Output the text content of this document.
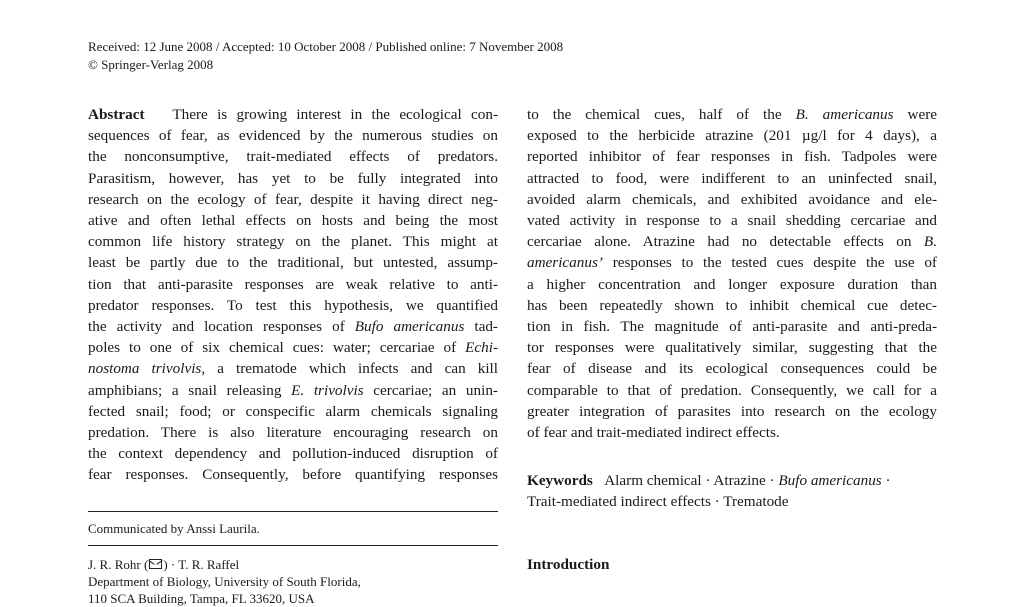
Received: 12 June 2008 / Accepted: 10 October 2008 / Published online: 7 November 2008
© Springer-Verlag 2008
Abstract There is growing interest in the ecological con-
sequences of fear, as evidenced by the numerous studies on
the nonconsumptive, trait-mediated effects of predators.
Parasitism, however, has yet to be fully integrated into
research on the ecology of fear, despite it having direct neg-
ative and often lethal effects on hosts and being the most
common life history strategy on the planet. This might at
least be partly due to the traditional, but untested, assump-
tion that anti-parasite responses are weak relative to anti-
predator responses. To test this hypothesis, we quantified
the activity and location responses of Bufo americanus tad-
poles to one of six chemical cues: water; cercariae of Echi-
nostoma trivolvis, a trematode which infects and can kill
amphibians; a snail releasing E. trivolvis cercariae; an unin-
fected snail; food; or conspecific alarm chemicals signaling
predation. There is also literature encouraging research on
the context dependency and pollution-induced disruption of
fear responses. Consequently, before quantifying responses
Communicated by Anssi Laurila.
J. R. Rohr ( ) · T. R. Raffel
Department of Biology, University of South Florida,
110 SCA Building, Tampa, FL 33620, USA
to the chemical cues, half of the B. americanus were
exposed to the herbicide atrazine (201 µg/l for 4 days), a
reported inhibitor of fear responses in fish. Tadpoles were
attracted to food, were indifferent to an uninfected snail,
avoided alarm chemicals, and exhibited avoidance and ele-
vated activity in response to a snail shedding cercariae and
cercariae alone. Atrazine had no detectable effects on B.
americanus’ responses to the tested cues despite the use of
a higher concentration and longer exposure duration than
has been repeatedly shown to inhibit chemical cue detec-
tion in fish. The magnitude of anti-parasite and anti-preda-
tor responses were qualitatively similar, suggesting that the
fear of disease and its ecological consequences could be
comparable to that of predation. Consequently, we call for a
greater integration of parasites into research on the ecology
of fear and trait-mediated indirect effects.
Keywords Alarm chemical · Atrazine · Bufo americanus ·
Trait-mediated indirect effects · Trematode
Introduction
